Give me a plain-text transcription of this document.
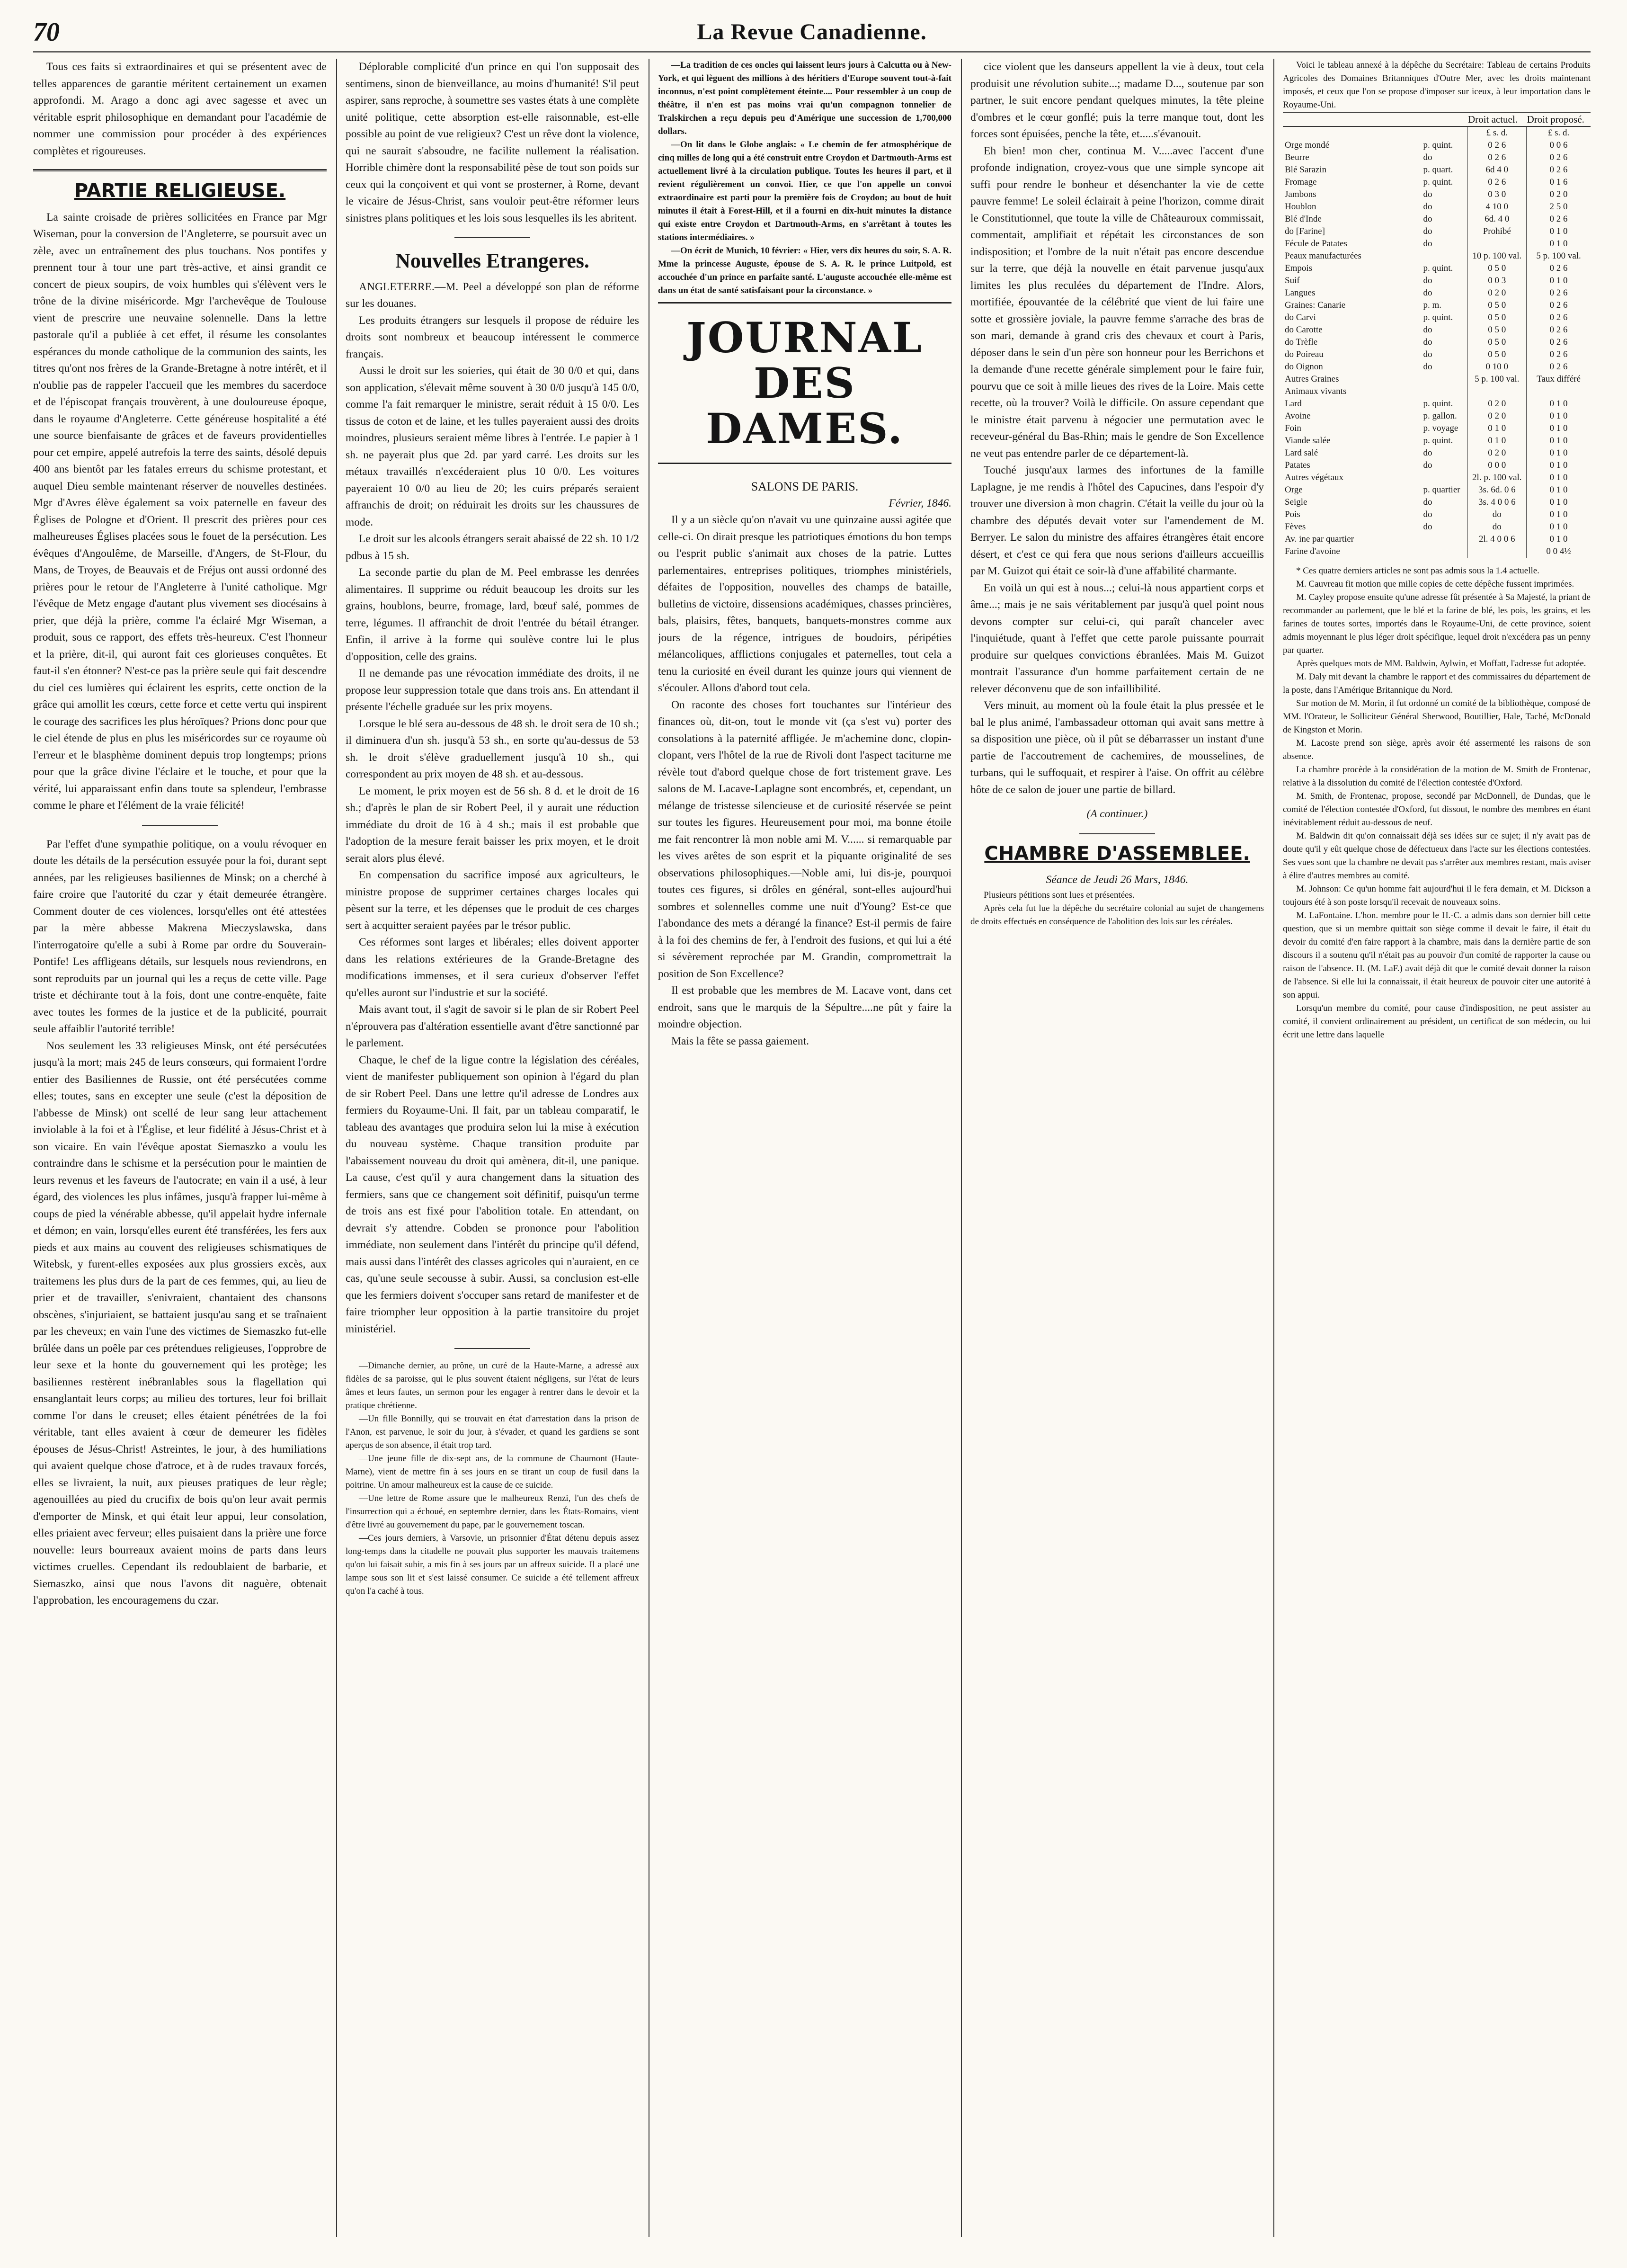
70	La Revue Canadienne.

Tous ces faits si extraordinaires et qui se présentent avec de telles apparences de garantie méritent certainement un examen approfondi. M. Arago a donc agi avec sagesse et avec un véritable esprit philosophique en demandant pour l'académie de nommer une commission pour procéder à des expériences complètes et rigoureuses.

PARTIE RELIGIEUSE.

La sainte croisade de prières sollicitées en France par Mgr Wiseman, pour la conversion de l'Angleterre, se poursuit avec un zèle, avec un entraînement des plus touchans. Nos pontifes y prennent tour à tour une part très-active, et ainsi grandit ce concert de pieux soupirs, de voix humbles qui s'élèvent vers le trône de la divine miséricorde. Mgr l'archevêque de Toulouse vient de prescrire une neuvaine solennelle. Dans la lettre pastorale qu'il a publiée à cet effet, il résume les consolantes espérances du monde catholique de la communion des saints, les titres qu'ont nos frères de la Grande-Bretagne à notre intérêt, et il n'oublie pas de rappeler l'accueil que les membres du sacerdoce et de l'épiscopat français trouvèrent, à une douloureuse époque, dans le royaume d'Angleterre. Cette généreuse hospitalité a été une source bienfaisante de grâces et de faveurs providentielles pour cet empire, appelé autrefois la terre des saints, désolé depuis 400 ans bientôt par les fatales erreurs du schisme protestant, et auquel Dieu semble maintenant réserver de nouvelles destinées. Mgr d'Avres élève également sa voix paternelle en faveur des Églises de Pologne et d'Orient. Il prescrit des prières pour ces malheureuses Églises placées sous le fouet de la persécution. Les évêques d'Angoulême, de Marseille, d'Angers, de St-Flour, du Mans, de Troyes, de Beauvais et de Fréjus ont aussi ordonné des prières pour le retour de l'Angleterre à l'unité catholique. Mgr l'évêque de Metz engage d'autant plus vivement ses diocésains à prier, que déjà la prière, comme l'a éclairé Mgr Wiseman, a produit, sous ce rapport, des effets très-heureux. C'est l'honneur et la prière, dit-il, qui auront fait ces glorieuses conquêtes. Et faut-il s'en étonner? N'est-ce pas la prière seule qui fait descendre du ciel ces lumières qui éclairent les esprits, cette onction de la grâce qui amollit les cœurs, cette force et cette vertu qui inspirent le courage des sacrifices les plus héroïques? Prions donc pour que le ciel étende de plus en plus les miséricordes sur ce royaume où l'erreur et le blasphème dominent depuis trop longtemps; prions pour que la grâce divine l'éclaire et le touche, et pour que la vérité, lui apparaissant enfin dans toute sa splendeur, l'embrasse comme le phare et l'élément de la vraie félicité!

Par l'effet d'une sympathie politique, on a voulu révoquer en doute les détails de la persécution essuyée pour la foi, durant sept années, par les religieuses basiliennes de Minsk; on a cherché à faire croire que l'autorité du czar y était demeurée étrangère. Comment douter de ces violences, lorsqu'elles ont été attestées par la mère abbesse Makrena Mieczyslawska, dans l'interrogatoire qu'elle a subi à Rome par ordre du Souverain-Pontife! Les affligeans détails, sur lesquels nous reviendrons, en sont reproduits par un journal qui les a reçus de cette ville. Page triste et déchirante tout à la fois, dont une contre-enquête, faite avec toutes les formes de la justice et de la publicité, pourrait seule affaiblir l'autorité terrible!

Nos seulement les 33 religieuses Minsk, ont été persécutées jusqu'à la mort; mais 245 de leurs consœurs, qui formaient l'ordre entier des Basiliennes de Russie, ont été persécutées comme elles; toutes, sans en excepter une seule (c'est la déposition de l'abbesse de Minsk) ont scellé de leur sang leur attachement inviolable à la foi et à l'Église, et leur fidélité à Jésus-Christ et à son vicaire. En vain l'évêque apostat Siemaszko a voulu les contraindre dans le schisme et la persécution pour le maintien de leurs revenus et les faveurs de l'autocrate; en vain il a usé, à leur égard, des violences les plus infâmes, jusqu'à frapper lui-même à coups de pied la vénérable abbesse, qu'il appelait hydre infernale et démon; en vain, lorsqu'elles eurent été transférées, les fers aux pieds et aux mains au couvent des religieuses schismatiques de Witebsk, y furent-elles exposées aux plus grossiers excès, aux traitemens les plus durs de la part de ces femmes, qui, au lieu de prier et de travailler, s'enivraient, chantaient des chansons obscènes, s'injuriaient, se battaient jusqu'au sang et se traînaient par les cheveux; en vain l'une des victimes de Siemaszko fut-elle brûlée dans un poêle par ces prétendues religieuses, l'opprobre de leur sexe et la honte du gouvernement qui les protège; les basiliennes restèrent inébranlables sous la flagellation qui ensanglantait leurs corps; au milieu des tortures, leur foi brillait comme l'or dans le creuset; elles étaient pénétrées de la foi véritable, tant elles avaient à cœur de demeurer les fidèles épouses de Jésus-Christ! Astreintes, le jour, à des humiliations qui avaient quelque chose d'atroce, et à de rudes travaux forcés, elles se livraient, la nuit, aux pieuses pratiques de leur règle; agenouillées au pied du crucifix de bois qu'on leur avait permis d'emporter de Minsk, et qui était leur appui, leur consolation, elles priaient avec ferveur; elles puisaient dans la prière une force nouvelle: leurs bourreaux avaient moins de parts dans leurs victimes cruelles. Cependant ils redoublaient de barbarie, et Siemaszko, ainsi que nous l'avons dit naguère, obtenait l'approbation, les encouragemens du czar.

Déplorable complicité d'un prince en qui l'on supposait des sentimens, sinon de bienveillance, au moins d'humanité! S'il peut aspirer, sans reproche, à soumettre ses vastes états à une complète unité politique, cette absorption est-elle raisonnable, est-elle possible au point de vue religieux? C'est un rêve dont la violence, qui ne saurait s'absoudre, ne facilite nullement la réalisation. Horrible chimère dont la responsabilité pèse de tout son poids sur ceux qui la conçoivent et qui vont se prosterner, à Rome, devant le vicaire de Jésus-Christ, sans vouloir peut-être réformer leurs sinistres plans politiques et les lois sous lesquelles ils les abritent.

Nouvelles Etrangeres.

ANGLETERRE.—M. Peel a développé son plan de réforme sur les douanes.

Les produits étrangers sur lesquels il propose de réduire les droits sont nombreux et beaucoup intéressent le commerce français.

Aussi le droit sur les soieries, qui était de 30 0/0 et qui, dans son application, s'élevait même souvent à 30 0/0 jusqu'à 145 0/0, comme l'a fait remarquer le ministre, serait réduit à 15 0/0. Les tissus de coton et de laine, et les tulles payeraient aussi des droits moindres, plusieurs seraient même libres à l'entrée. Le papier à 1 sh. ne payerait plus que 2d. par yard carré. Les droits sur les métaux travaillés n'excéderaient plus 10 0/0. Les voitures payeraient 10 0/0 au lieu de 20; les cuirs préparés seraient affranchis de droit; on réduirait les droits sur les chaussures de mode.

Le droit sur les alcools étrangers serait abaissé de 22 sh. 10 1/2 pdbus à 15 sh.

La seconde partie du plan de M. Peel embrasse les denrées alimentaires. Il supprime ou réduit beaucoup les droits sur les grains, houblons, beurre, fromage, lard, bœuf salé, pommes de terre, légumes. Il affranchit de droit l'entrée du bétail étranger. Enfin, il arrive à la forme qui soulève contre lui le plus d'opposition, celle des grains.

Il ne demande pas une révocation immédiate des droits, il ne propose leur suppression totale que dans trois ans. En attendant il présente l'échelle graduée sur les prix moyens.

Lorsque le blé sera au-dessous de 48 sh. le droit sera de 10 sh.; il diminuera d'un sh. jusqu'à 53 sh., en sorte qu'au-dessus de 53 sh. le droit s'élève graduellement jusqu'à 10 sh., qui correspondent au prix moyen de 48 sh. et au-dessous.

Le moment, le prix moyen est de 56 sh. 8 d. et le droit de 16 sh.; d'après le plan de sir Robert Peel, il y aurait une réduction immédiate du droit de 16 à 4 sh.; mais il est probable que l'adoption de la mesure ferait baisser les prix moyen, et le droit serait alors plus élevé.

En compensation du sacrifice imposé aux agriculteurs, le ministre propose de supprimer certaines charges locales qui pèsent sur la terre, et les dépenses que le produit de ces charges sert à acquitter seraient payées par le trésor public.

Ces réformes sont larges et libérales; elles doivent apporter dans les relations extérieures de la Grande-Bretagne des modifications immenses, et il sera curieux d'observer l'effet qu'elles auront sur l'industrie et sur la société.

Mais avant tout, il s'agit de savoir si le plan de sir Robert Peel n'éprouvera pas d'altération essentielle avant d'être sanctionné par le parlement.

Chaque, le chef de la ligue contre la législation des céréales, vient de manifester publiquement son opinion à l'égard du plan de sir Robert Peel. Dans une lettre qu'il adresse de Londres aux fermiers du Royaume-Uni. Il fait, par un tableau comparatif, le tableau des avantages que produira selon lui la mise à exécution du nouveau système. Chaque transition produite par l'abaissement nouveau du droit qui amènera, dit-il, une panique. La cause, c'est qu'il y aura changement dans la situation des fermiers, sans que ce changement soit définitif, puisqu'un terme de trois ans est fixé pour l'abolition totale. En attendant, on devrait s'y attendre. Cobden se prononce pour l'abolition immédiate, non seulement dans l'intérêt du principe qu'il défend, mais aussi dans l'intérêt des classes agricoles qui n'auraient, en ce cas, qu'une seule secousse à subir. Aussi, sa conclusion est-elle que les fermiers doivent s'occuper sans retard de manifester et de faire triompher leur opposition à la partie transitoire du projet ministériel.

—Dimanche dernier, au prône, un curé de la Haute-Marne, a adressé aux fidèles de sa paroisse, qui le plus souvent étaient négligens, sur l'état de leurs âmes et leurs fautes, un sermon pour les engager à rentrer dans le devoir et la pratique chrétienne.

—Un fille Bonnilly, qui se trouvait en état d'arrestation dans la prison de l'Anon, est parvenue, le soir du jour, à s'évader, et quand les gardiens se sont aperçus de son absence, il était trop tard.

—Une jeune fille de dix-sept ans, de la commune de Chaumont (Haute-Marne), vient de mettre fin à ses jours en se tirant un coup de fusil dans la poitrine. Un amour malheureux est la cause de ce suicide.

—Une lettre de Rome assure que le malheureux Renzi, l'un des chefs de l'insurrection qui a échoué, en septembre dernier, dans les États-Romains, vient d'être livré au gouvernement du pape, par le gouvernement toscan.

—Ces jours derniers, à Varsovie, un prisonnier d'État détenu depuis assez long-temps dans la citadelle ne pouvait plus supporter les mauvais traitemens qu'on lui faisait subir, a mis fin à ses jours par un affreux suicide. Il a placé une lampe sous son lit et s'est laissé consumer. Ce suicide a été tellement affreux qu'on l'a caché à tous.

—La tradition de ces oncles qui laissent leurs jours à Calcutta ou à New-York, et qui lèguent des millions à des héritiers d'Europe souvent tout-à-fait inconnus, n'est point complètement éteinte.... Pour ressembler à un coup de théâtre, il n'en est pas moins vrai qu'un compagnon tonnelier de Tralskirchen a reçu depuis peu d'Amérique une succession de 1,700,000 dollars.

—On lit dans le Globe anglais: « Le chemin de fer atmosphérique de cinq milles de long qui a été construit entre Croydon et Dartmouth-Arms est actuellement livré à la circulation publique. Toutes les heures il part, et il revient régulièrement un convoi. Hier, ce que l'on appelle un convoi extraordinaire est parti pour la première fois de Croydon; au bout de huit minutes il était à Forest-Hill, et il a fourni en dix-huit minutes la distance qui existe entre Croydon et Dartmouth-Arms, en s'arrêtant à toutes les stations intermédiaires. »

—On écrit de Munich, 10 février: « Hier, vers dix heures du soir, S. A. R. Mme la princesse Auguste, épouse de S. A. R. le prince Luitpold, est accouchée d'un prince en parfaite santé. L'auguste accouchée elle-même est dans un état de santé satisfaisant pour la circonstance. »

JOURNAL DES DAMES.

SALONS DE PARIS.

Février, 1846.

Il y a un siècle qu'on n'avait vu une quinzaine aussi agitée que celle-ci. On dirait presque les patriotiques émotions du bon temps ou l'esprit public s'animait aux choses de la patrie. Luttes parlementaires, entreprises politiques, triomphes ministériels, défaites de l'opposition, nouvelles des champs de bataille, bulletins de victoire, dissensions académiques, chasses princières, bals, plaisirs, fêtes, banquets, banquets-monstres comme aux jours de la régence, intrigues de boudoirs, péripéties mélancoliques, afflictions conjugales et paternelles, tout cela a tenu la curiosité en éveil durant les quinze jours qui viennent de s'écouler. Allons d'abord tout cela.

On raconte des choses fort touchantes sur l'intérieur des finances où, dit-on, tout le monde vit (ça s'est vu) porter des consolations à la paternité affligée. Je m'achemine donc, clopin-clopant, vers l'hôtel de la rue de Rivoli dont l'aspect taciturne me révèle tout d'abord quelque chose de fort tristement grave. Les salons de M. Lacave-Laplagne sont encombrés, et, cependant, un mélange de tristesse silencieuse et de curiosité réservée se peint sur toutes les figures. Heureusement pour moi, ma bonne étoile me fait rencontrer là mon noble ami M. V...... si remarquable par les vives arêtes de son esprit et la piquante originalité de ses observations philosophiques.—Noble ami, lui dis-je, pourquoi toutes ces figures, si drôles en général, sont-elles aujourd'hui sombres et solennelles comme une nuit d'Young? Est-ce que l'abondance des mets a dérangé la finance? Est-il permis de faire à la foi des chemins de fer, à l'endroit des fusions, et qui lui a été si sévèrement reprochée par M. Grandin, compromettrait la position de Son Excellence?

Il est probable que les membres de M. Lacave vont, dans cet endroit, sans que le marquis de la Sépultre....ne pût y faire la moindre objection.

Mais la fête se passa gaiement.

cice violent que les danseurs appellent la vie à deux, tout cela produisit une révolution subite...; madame D..., soutenue par son partner, le suit encore pendant quelques minutes, la tête pleine d'ombres et le cœur gonflé; puis la terre manque tout, dont les forces sont épuisées, penche la tête, et.....s'évanouit.

Eh bien! mon cher, continua M. V.....avec l'accent d'une profonde indignation, croyez-vous que une simple syncope ait suffi pour rendre le bonheur et désenchanter la vie de cette pauvre femme! Le soleil éclairait à peine l'horizon, comme dirait le Constitutionnel, que toute la ville de Châteauroux commissait, commentait, amplifiait et répétait les circonstances de son indisposition; et l'ombre de la nuit n'était pas encore descendue sur la terre, que déjà la nouvelle en était parvenue jusqu'aux limites les plus reculées du département de l'Indre. Alors, mortifiée, épouvantée de la célébrité que vient de lui faire une sotte et grossière joviale, la pauvre femme s'arrache des bras de son mari, demande à grand cris des chevaux et court à Paris, déposer dans le sein d'un père son honneur pour les Berrichons et la demande d'une recette générale simplement pour le faire fuir, pourvu que ce soit à mille lieues des rives de la Loire. Mais cette recette, où la trouver? Voilà le difficile. On assure cependant que le ministre était parvenu à négocier une permutation avec le receveur-général du Bas-Rhin; mais le gendre de Son Excellence ne veut pas entendre parler de ce département-là.

Touché jusqu'aux larmes des infortunes de la famille Laplagne, je me rendis à l'hôtel des Capucines, dans l'espoir d'y trouver une diversion à mon chagrin. C'était la veille du jour où la chambre des députés devait voter sur l'amendement de M. Berryer. Le salon du ministre des affaires étrangères était encore désert, et c'est ce qui fera que nous serions d'ailleurs accueillis par M. Guizot qui était ce soir-là d'une affabilité charmante.

En voilà un qui est à nous...; celui-là nous appartient corps et âme...; mais je ne sais véritablement par jusqu'à quel point nous devons compter sur celui-ci, qui paraît chanceler avec l'inquiétude, quant à l'effet que cette parole puissante pourrait produire sur quelques convictions ébranlées. Mais M. Guizot montrait l'assurance d'un homme parfaitement certain de ne relever déconvenu que de son infaillibilité.

Vers minuit, au moment où la foule était la plus pressée et le bal le plus animé, l'ambassadeur ottoman qui avait sans mettre à sa disposition une pièce, où il pût se débarrasser un instant d'une partie de l'accoutrement de cachemires, de mousselines, de turbans, qui le suffoquait, et respirer à l'aise. On offrit au célèbre hôte de ce salon de jouer une partie de billard.

(A continuer.)

CHAMBRE D'ASSEMBLEE.

Séance de Jeudi 26 Mars, 1846.

Plusieurs pétitions sont lues et présentées.

Après cela fut lue la dépêche du secrétaire colonial au sujet de changemens de droits effectués en conséquence de l'abolition des lois sur les céréales.

Voici le tableau annexé à la dépêche du Secrétaire: Tableau de certains Produits Agricoles des Domaines Britanniques d'Outre Mer, avec les droits maintenant imposés, et ceux que l'on se propose d'imposer sur iceux, à leur importation dans le Royaume-Uni.

		Droit actuel.	Droit proposé.
		£ s. d.	£ s. d.
Orge mondé	p. quint.	0 2 6	0 0 6
Beurre	do	0 2 6	0 2 6
Blé Sarazin	p. quart.	6d 4 0	0 2 6
Fromage	p. quint.	0 2 6	0 1 6
Jambons	do	0 3 0	0 2 0
Houblon	do	4 10 0	2 5 0
Blé d'Inde	do	6d. 4 0	0 2 6
do [Farine]	do	Prohibé	0 1 0
Fécule de Patates	do		0 1 0
Peaux manufacturées		10 p. 100 val.	5 p. 100 val.
Empois	p. quint.	0 5 0	0 2 6
Suif	do	0 0 3	0 1 0
Langues	do	0 2 0	0 2 6
Graines: Canarie	p. m.	0 5 0	0 2 6
do Carvi	p. quint.	0 5 0	0 2 6
do Carotte	do	0 5 0	0 2 6
do Trèfle	do	0 5 0	0 2 6
do Poireau	do	0 5 0	0 2 6
do Oignon	do	0 10 0	0 2 6
Autres Graines		5 p. 100 val.	Taux différé
Animaux vivants			
Lard	p. quint.	0 2 0	0 1 0
Avoine	p. gallon.	0 2 0	0 1 0
Foin	p. voyage	0 1 0	0 1 0
Viande salée	p. quint.	0 1 0	0 1 0
Lard salé	do	0 2 0	0 1 0
Patates	do	0 0 0	0 1 0
Autres végétaux		2l. p. 100 val.	0 1 0
Orge	p. quartier	3s. 6d. 0 6	0 1 0
Seigle	do	3s. 4 0 0 6	0 1 0
Pois	do	do	0 1 0
Fèves	do	do	0 1 0
Av. ine par quartier		2l. 4 0 0 6	0 1 0
Farine d'avoine			0 0 4½

* Ces quatre derniers articles ne sont pas admis sous la 1.4 actuelle.

M. Cauvreau fit motion que mille copies de cette dépêche fussent imprimées.

M. Cayley propose ensuite qu'une adresse fût présentée à Sa Majesté, la priant de recommander au parlement, que le blé et la farine de blé, les pois, les grains, et les farines de toutes sortes, importés dans le Royaume-Uni, de cette province, soient admis moyennant le plus léger droit spécifique, lequel droit n'excédera pas un penny par quarter.

Après quelques mots de MM. Baldwin, Aylwin, et Moffatt, l'adresse fut adoptée.

M. Daly mit devant la chambre le rapport et des commissaires du département de la poste, dans l'Amérique Britannique du Nord.

Sur motion de M. Morin, il fut ordonné un comité de la bibliothèque, composé de MM. l'Orateur, le Solliciteur Général Sherwood, Boutillier, Hale, Taché, McDonald de Kingston et Morin.

M. Lacoste prend son siège, après avoir été assermenté les raisons de son absence.

La chambre procède à la considération de la motion de M. Smith de Frontenac, relative à la dissolution du comité de l'élection contestée d'Oxford.

M. Smith, de Frontenac, propose, secondé par McDonnell, de Dundas, que le comité de l'élection contestée d'Oxford, fut dissout, le nombre des membres en étant inévitablement réduit au-dessous de neuf.

M. Baldwin dit qu'on connaissait déjà ses idées sur ce sujet; il n'y avait pas de doute qu'il y eût quelque chose de défectueux dans l'acte sur les élections contestées. Ses vues sont que la chambre ne devait pas s'arrêter aux membres restant, mais aviser à élire d'autres membres au comité.

M. Johnson: Ce qu'un homme fait aujourd'hui il le fera demain, et M. Dickson a toujours été à son poste lorsqu'il recevait de nouveaux soins.

M. LaFontaine. L'hon. membre pour le H.-C. a admis dans son dernier bill cette question, que si un membre quittait son siège comme il devait le faire, il était du devoir du comité d'en faire rapport à la chambre, mais dans la dernière partie de son discours il a soutenu qu'il n'était pas au pouvoir d'un comité de rapporter la cause ou raison de l'absence. H. (M. LaF.) avait déjà dit que le comité devait donner la raison de l'absence. Si elle lui la connaissait, il était heureux de pouvoir citer une autorité à son appui.

Lorsqu'un membre du comité, pour cause d'indisposition, ne peut assister au comité, il convient ordinairement au président, un certificat de son médecin, ou lui écrit une lettre dans laquelle
